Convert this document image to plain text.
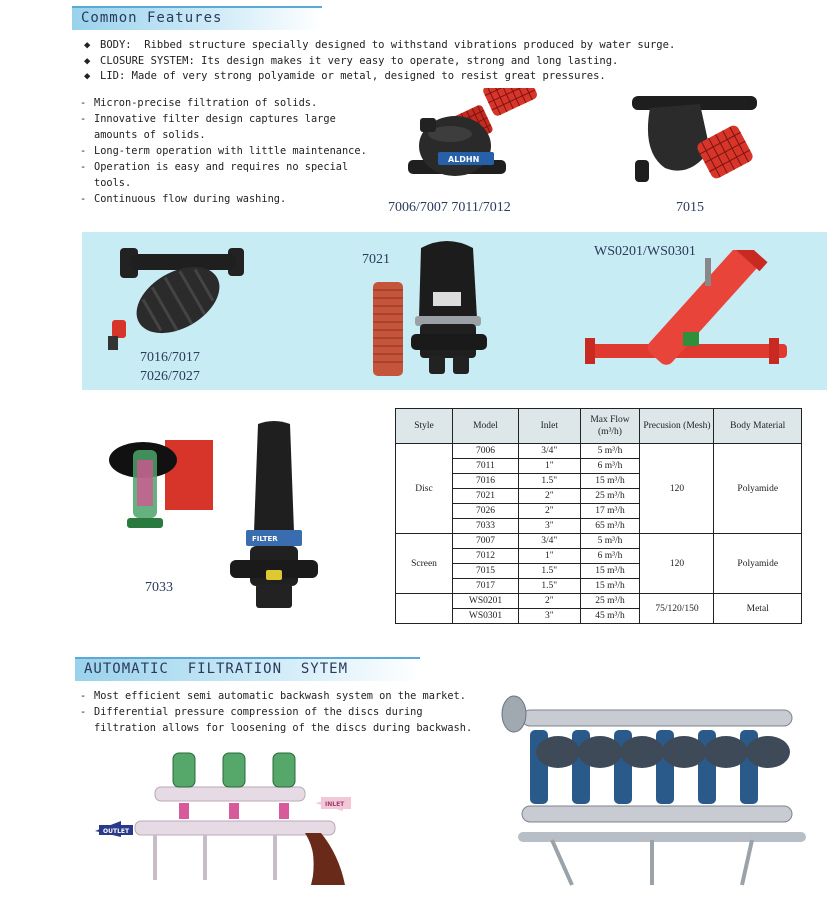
Common Features
◆ BODY:
Ribbed structure specially designed to withstand vibrations produced by water surge.
◆ CLOSURE SYSTEM:
Its design makes it very easy to operate, strong and long lasting.
◆ LID:
Made of very strong polyamide or metal, designed to resist great pressures.
- Micron-precise filtration of solids.
- Innovative filter design captures large amounts of solids.
- Long-term operation with little maintenance.
- Operation is easy and requires no special tools.
- Continuous flow during washing.
ALDHN
7006/7007 7011/7012	7015
7016/7017
7026/7027
7021
WS0201/WS0301
FILTER
7033
Style	Model	Inlet	Max Flow (m³/h)	Precusion (Mesh)	Body Material
Disc	7006	3/4"	5 m³/h	120	Polyamide
	7011	1"	6 m³/h		
	7016	1.5"	15 m³/h		
	7021	2"	25 m³/h		
	7026	2"	17 m³/h		
	7033	3"	65 m³/h		
Screen	7007	3/4"	5 m³/h	120	Polyamide
	7012	1"	6 m³/h		
	7015	1.5"	15 m³/h		
	7017	1.5"	15 m³/h		
	WS0201	2"	25 m³/h	75/120/150	Metal
	WS0301	3"	45 m³/h		
AUTOMATIC  FILTRATION  SYTEM
- Most efficient semi automatic backwash system on the market.
- Differential pressure compression of the discs during filtration allows for loosening of the discs during backwash.
OUTLET
INLET
